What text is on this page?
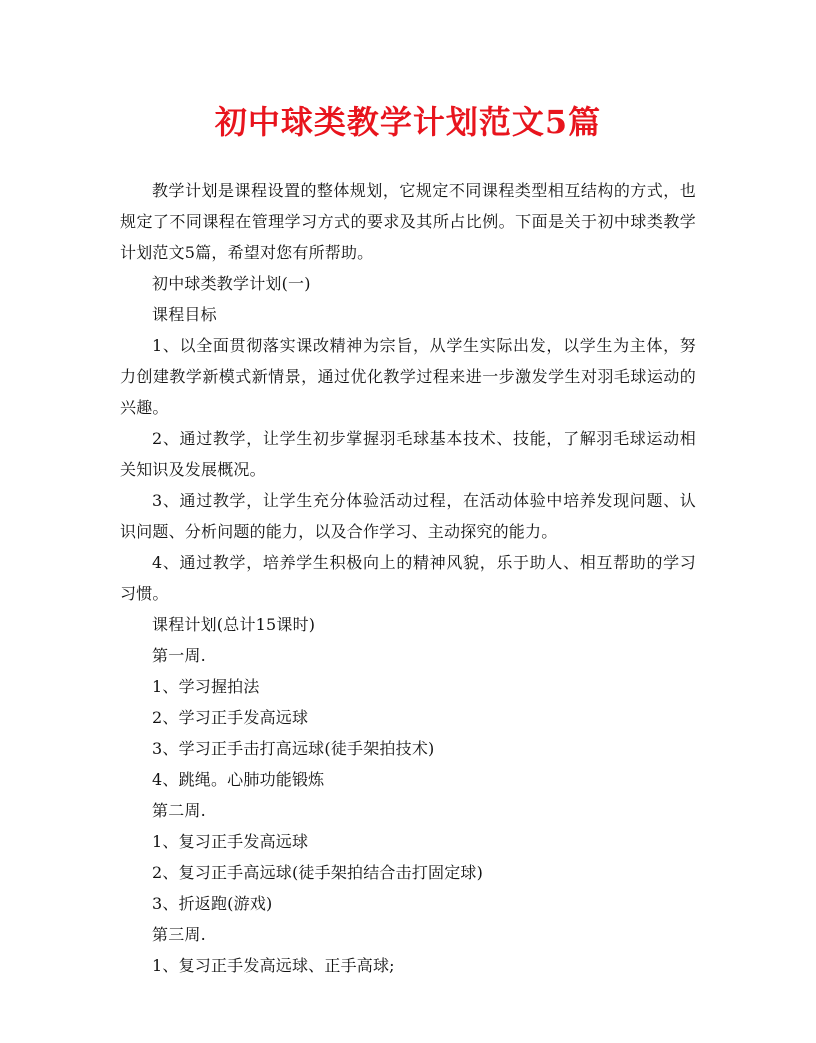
初中球类教学计划范文5篇

教学计划是课程设置的整体规划，它规定不同课程类型相互结构的方式，也规定了不同课程在管理学习方式的要求及其所占比例。下面是关于初中球类教学计划范文5篇，希望对您有所帮助。

初中球类教学计划(一)

课程目标

1、以全面贯彻落实课改精神为宗旨，从学生实际出发，以学生为主体，努力创建教学新模式新情景，通过优化教学过程来进一步激发学生对羽毛球运动的兴趣。

2、通过教学，让学生初步掌握羽毛球基本技术、技能，了解羽毛球运动相关知识及发展概况。

3、通过教学，让学生充分体验活动过程，在活动体验中培养发现问题、认识问题、分析问题的能力，以及合作学习、主动探究的能力。

4、通过教学，培养学生积极向上的精神风貌，乐于助人、相互帮助的学习习惯。

课程计划(总计15课时)

第一周.

1、学习握拍法

2、学习正手发高远球

3、学习正手击打高远球(徒手架拍技术)

4、跳绳。心肺功能锻炼

第二周.

1、复习正手发高远球

2、复习正手高远球(徒手架拍结合击打固定球)

3、折返跑(游戏)

第三周.

1、复习正手发高远球、正手高球;
